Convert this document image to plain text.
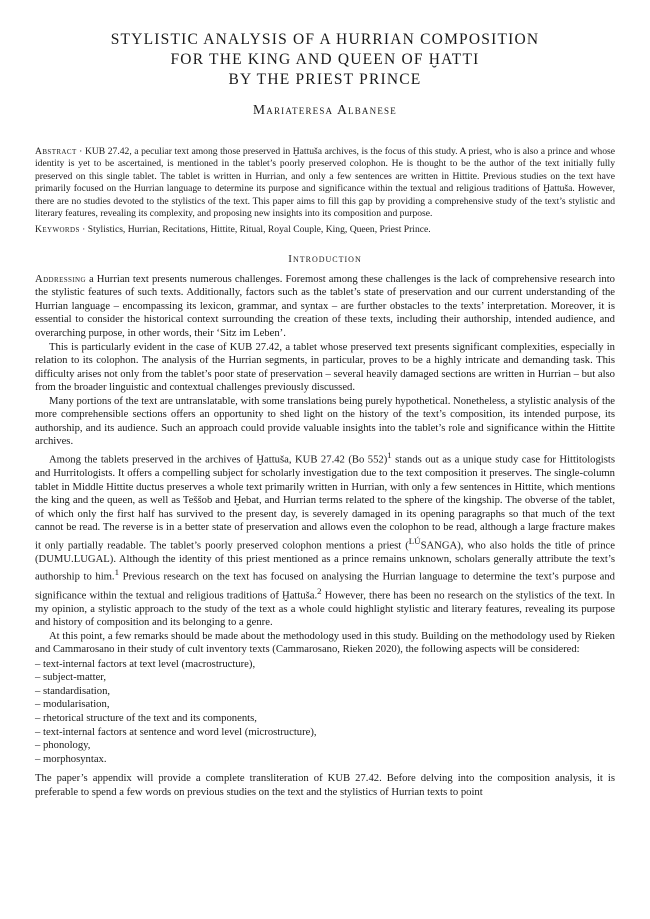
STYLISTIC ANALYSIS OF A HURRIAN COMPOSITION
FOR THE KING AND QUEEN OF ḪATTI
BY THE PRIEST PRINCE
Mariateresa Albanese

Abstract · KUB 27.42, a peculiar text among those preserved in Ḫattuša archives, is the focus of this study. A priest, who is also a prince and whose identity is yet to be ascertained, is mentioned in the tablet’s poorly preserved colophon. He is thought to be the author of the text initially fully preserved on this single tablet. The tablet is written in Hurrian, and only a few sentences are written in Hittite. Previous studies on the text have primarily focused on the Hurrian language to determine its purpose and significance within the textual and religious traditions of Ḫattuša. However, there are no studies devoted to the stylistics of the text. This paper aims to fill this gap by providing a comprehensive study of the text’s stylistic and literary features, revealing its complexity, and proposing new insights into its composition and purpose.

Keywords · Stylistics, Hurrian, Recitations, Hittite, Ritual, Royal Couple, King, Queen, Priest Prince.

Introduction

Addressing a Hurrian text presents numerous challenges. Foremost among these challenges is the lack of comprehensive research into the stylistic features of such texts. Additionally, factors such as the tablet’s state of preservation and our current understanding of the Hurrian language – encompassing its lexicon, grammar, and syntax – are further obstacles to the texts’ interpretation. Moreover, it is essential to consider the historical context surrounding the creation of these texts, including their authorship, intended audience, and overarching purpose, in other words, their ‘Sitz im Leben’.

This is particularly evident in the case of KUB 27.42, a tablet whose preserved text presents significant complexities, especially in relation to its colophon. The analysis of the Hurrian segments, in particular, proves to be a highly intricate and demanding task. This difficulty arises not only from the tablet’s poor state of preservation – several heavily damaged sections are written in Hurrian – but also from the broader linguistic and contextual challenges previously discussed.

Many portions of the text are untranslatable, with some translations being purely hypothetical. Nonetheless, a stylistic analysis of the more comprehensible sections offers an opportunity to shed light on the history of the text’s composition, its intended purpose, its authorship, and its audience. Such an approach could provide valuable insights into the tablet’s role and significance within the Hittite archives.

Among the tablets preserved in the archives of Ḫattuša, KUB 27.42 (Bo 552)$^1$ stands out as a unique study case for Hittitologists and Hurritologists. It offers a compelling subject for scholarly investigation due to the text composition it preserves. The single-column tablet in Middle Hittite ductus preserves a whole text primarily written in Hurrian, with only a few sentences in Hittite, which mentions the king and the queen, as well as Teššob and Ḫebat, and Hurrian terms related to the sphere of the kingship. The obverse of the tablet, of which only the first half has survived to the present day, is severely damaged in its opening paragraphs so that much of the text cannot be read. The reverse is in a better state of preservation and allows even the colophon to be read, although a large fracture makes it only partially readable. The tablet’s poorly preserved colophon mentions a priest ($^{LÚ}$SANGA), who also holds the title of prince (DUMU.LUGAL). Although the identity of this priest mentioned as a prince remains unknown, scholars generally attribute the text’s authorship to him.$^1$ Previous research on the text has focused on analysing the Hurrian language to determine the text’s purpose and significance within the textual and religious traditions of Ḫattuša.$^2$ However, there has been no research on the stylistics of the text. In my opinion, a stylistic approach to the study of the text as a whole could highlight stylistic and literary features, revealing its purpose and history of composition and its belonging to a genre.

At this point, a few remarks should be made about the methodology used in this study. Building on the methodology used by Rieken and Cammarosano in their study of cult inventory texts (Cammarosano, Rieken 2020), the following aspects will be considered:

– text-internal factors at text level (macrostructure),
– subject-matter,
– standardisation,
– modularisation,
– rhetorical structure of the text and its components,
– text-internal factors at sentence and word level (microstructure),
– phonology,
– morphosyntax.

The paper’s appendix will provide a complete transliteration of KUB 27.42. Before delving into the composition analysis, it is preferable to spend a few words on previous studies on the text and the stylistics of Hurrian texts to point
